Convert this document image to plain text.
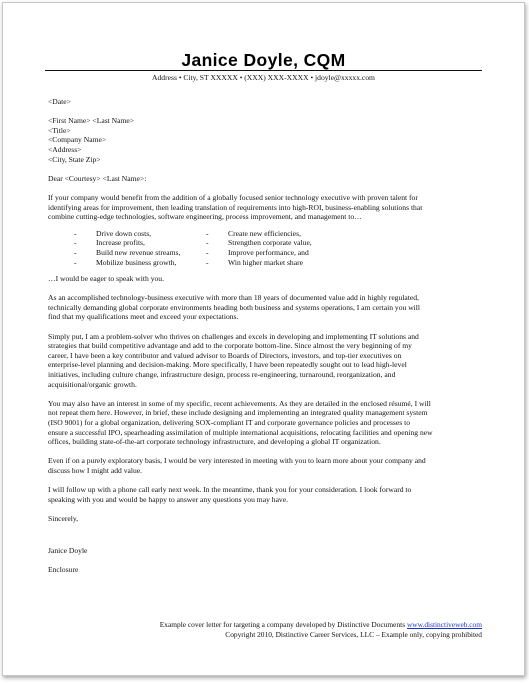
Janice Doyle, CQM
Address • City, ST XXXXX • (XXX) XXX-XXXX • jdoyle@xxxxx.com
<Date>
<First Name> <Last Name>
<Title>
<Company Name>
<Address>
<City, State Zip>
Dear <Courtesy> <Last Name>:
If your company would benefit from the addition of a globally focused senior technology executive with proven talent for
identifying areas for improvement, then leading translation of requirements into high-ROI, business-enabling solutions that
combine cutting-edge technologies, software engineering, process improvement, and management to…
-	Drive down costs,
-	Increase profits,
-	Build new revenue streams,
-	Mobilize business growth,
-	Create new efficiencies,
-	Strengthen corporate value,
-	Improve performance, and
-	Win higher market share
…I would be eager to speak with you.
As an accomplished technology-business executive with more than 18 years of documented value add in highly regulated,
technically demanding global corporate environments heading both business and systems operations, I am certain you will
find that my qualifications meet and exceed your expectations.
Simply put, I am a problem-solver who thrives on challenges and excels in developing and implementing IT solutions and
strategies that build competitive advantage and add to the corporate bottom-line. Since almost the very beginning of my
career, I have been a key contributor and valued advisor to Boards of Directors, investors, and top-tier executives on
enterprise-level planning and decision-making. More specifically, I have been repeatedly sought out to lead high-level
initiatives, including culture change, infrastructure design, process re-engineering, turnaround, reorganization, and
acquisitional/organic growth.
You may also have an interest in some of my specific, recent achievements. As they are detailed in the enclosed résumé, I will
not repeat them here. However, in brief, these include designing and implementing an integrated quality management system
(ISO 9001) for a global organization, delivering SOX-compliant IT and corporate governance policies and processes to
ensure a successful IPO, spearheading assimilation of multiple international acquisitions, relocating facilities and opening new
offices, building state-of-the-art corporate technology infrastructure, and developing a global IT organization.
Even if on a purely exploratory basis, I would be very interested in meeting with you to learn more about your company and
discuss how I might add value.
I will follow up with a phone call early next week. In the meantime, thank you for your consideration. I look forward to
speaking with you and would be happy to answer any questions you may have.
Sincerely,
Janice Doyle
Enclosure
Example cover letter for targeting a company developed by Distinctive Documents www.distinctiveweb.com
Copyright 2010, Distinctive Career Services, LLC – Example only, copying prohibited
